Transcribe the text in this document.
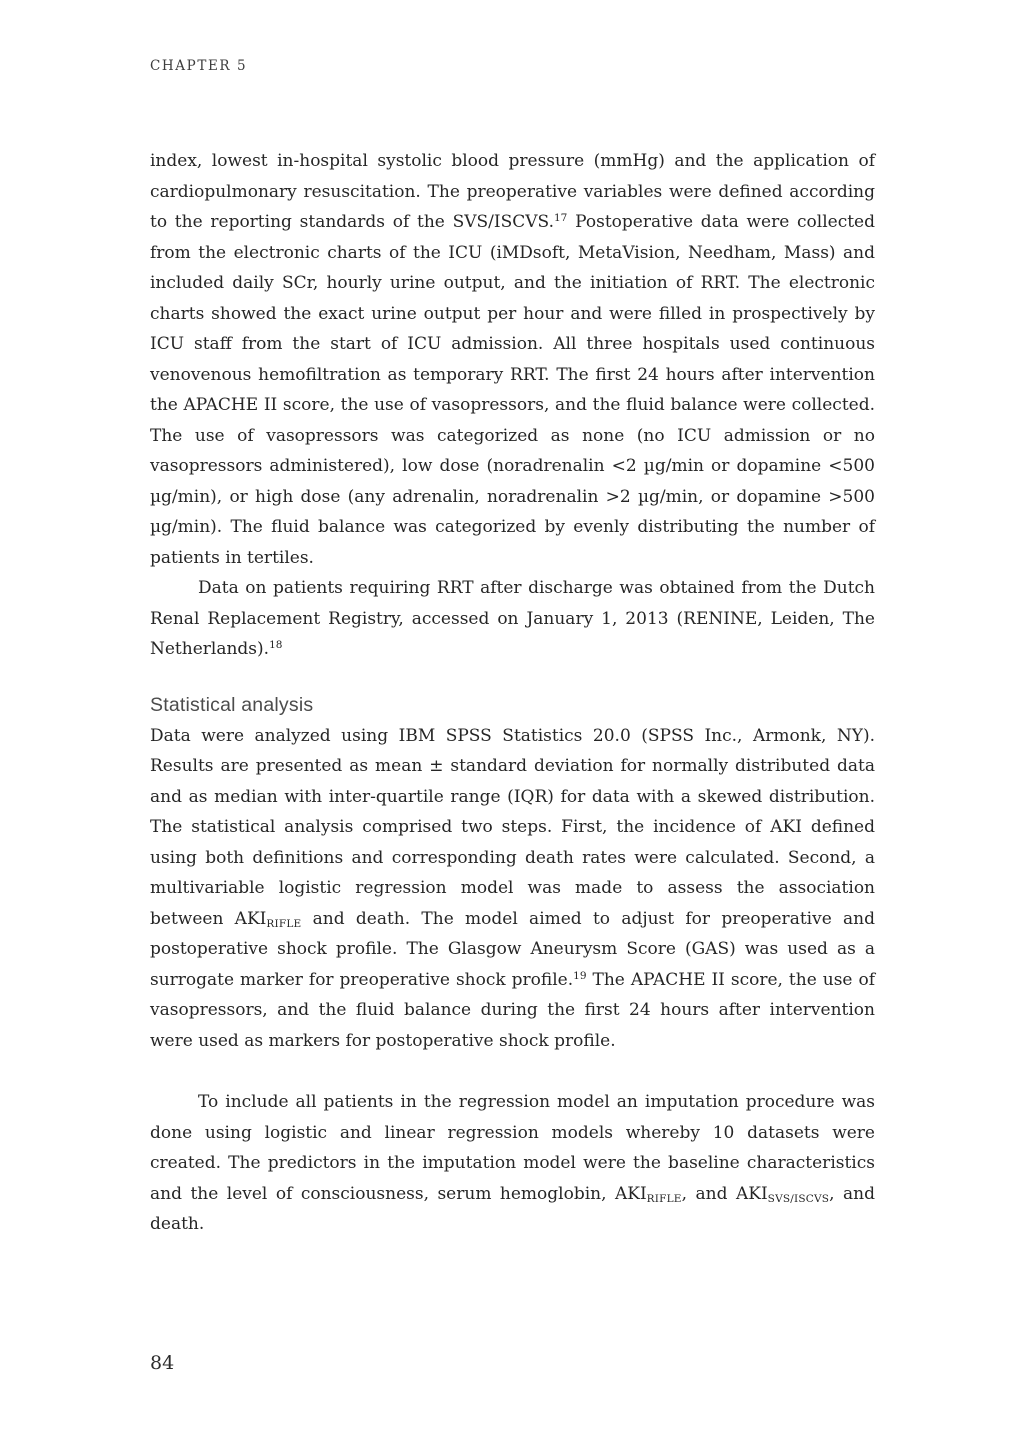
CHAPTER 5

index, lowest in-hospital systolic blood pressure (mmHg) and the application of cardiopulmonary resuscitation. The preoperative variables were defined according to the reporting standards of the SVS/ISCVS.$^{17}$ Postoperative data were collected from the electronic charts of the ICU (iMDsoft, MetaVision, Needham, Mass) and included daily SCr, hourly urine output, and the initiation of RRT. The electronic charts showed the exact urine output per hour and were filled in prospectively by ICU staff from the start of ICU admission. All three hospitals used continuous venovenous hemofiltration as temporary RRT. The first 24 hours after intervention the APACHE II score, the use of vasopressors, and the fluid balance were collected. The use of vasopressors was categorized as none (no ICU admission or no vasopressors administered), low dose (noradrenalin <2 µg/min or dopamine <500 µg/min), or high dose (any adrenalin, noradrenalin >2 µg/min, or dopamine >500 µg/min). The fluid balance was categorized by evenly distributing the number of patients in tertiles.

Data on patients requiring RRT after discharge was obtained from the Dutch Renal Replacement Registry, accessed on January 1, 2013 (RENINE, Leiden, The Netherlands).$^{18}$

Statistical analysis

Data were analyzed using IBM SPSS Statistics 20.0 (SPSS Inc., Armonk, NY). Results are presented as mean ± standard deviation for normally distributed data and as median with inter-quartile range (IQR) for data with a skewed distribution. The statistical analysis comprised two steps. First, the incidence of AKI defined using both definitions and corresponding death rates were calculated. Second, a multivariable logistic regression model was made to assess the association between $AKI_{RIFLE}$ and death. The model aimed to adjust for preoperative and postoperative shock profile. The Glasgow Aneurysm Score (GAS) was used as a surrogate marker for preoperative shock profile.$^{19}$ The APACHE II score, the use of vasopressors, and the fluid balance during the first 24 hours after intervention were used as markers for postoperative shock profile.

To include all patients in the regression model an imputation procedure was done using logistic and linear regression models whereby 10 datasets were created. The predictors in the imputation model were the baseline characteristics and the level of consciousness, serum hemoglobin, $AKI_{RIFLE}$, and $AKI_{SVS/ISCVS}$, and death.

84
